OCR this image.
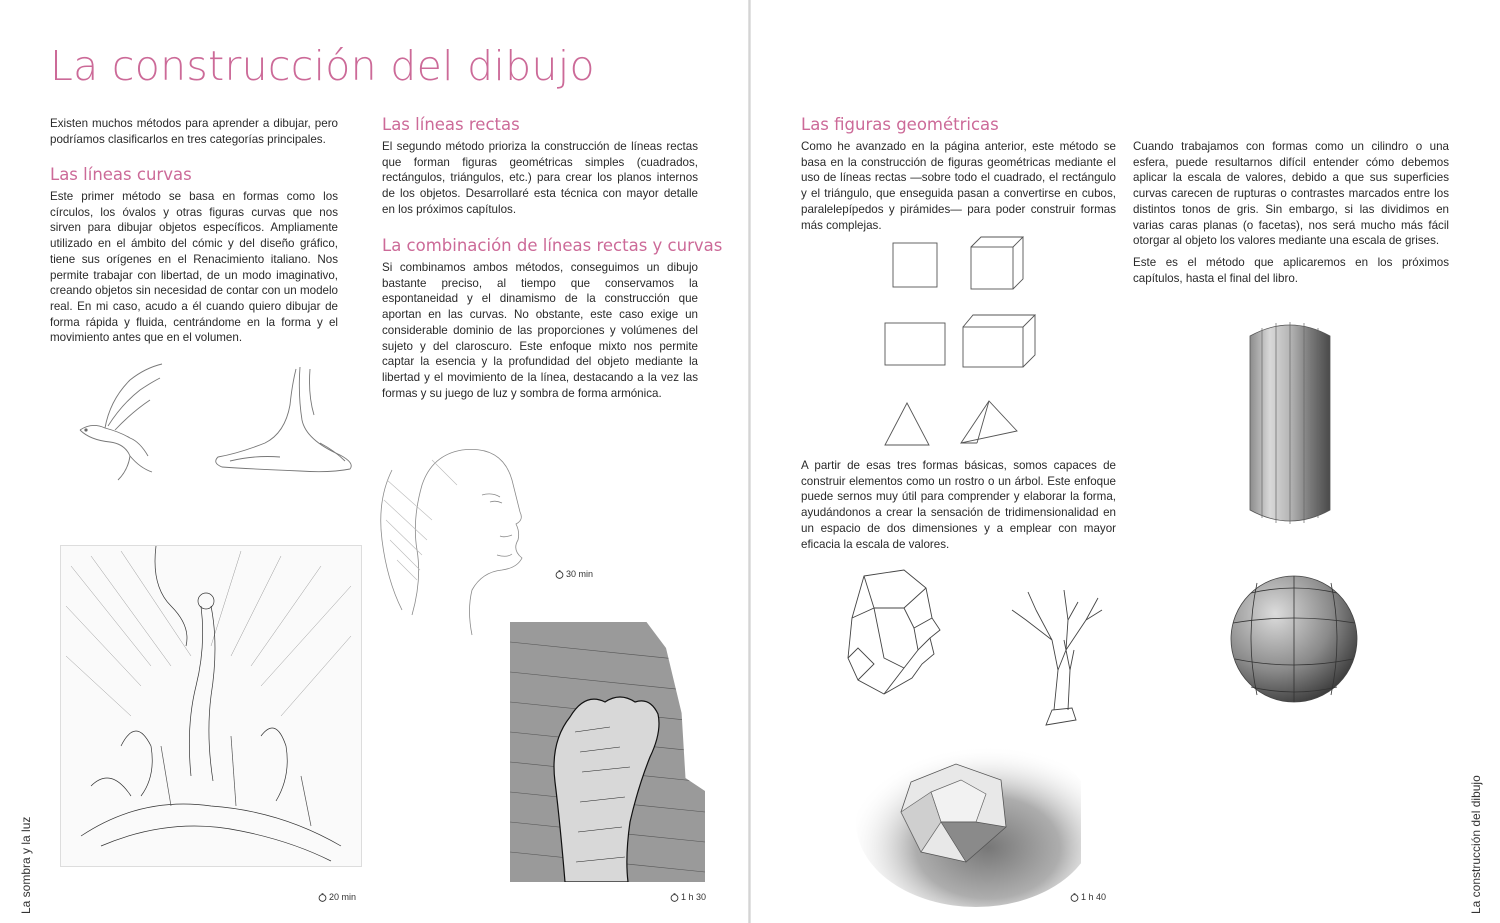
La construcción del dibujo

Existen muchos métodos para aprender a dibujar, pero podríamos clasificarlos en tres categorías principales.

Las líneas curvas

Este primer método se basa en formas como los círculos, los óvalos y otras figuras curvas que nos sirven para dibujar objetos específicos. Ampliamente utilizado en el ámbito del cómic y del diseño gráfico, tiene sus orígenes en el Renacimiento italiano. Nos permite trabajar con libertad, de un modo imaginativo, creando objetos sin necesidad de contar con un modelo real. En mi caso, acudo a él cuando quiero dibujar de forma rápida y fluida, centrándome en la forma y el movimiento antes que en el volumen.

Las líneas rectas

El segundo método prioriza la construcción de líneas rectas que forman figuras geométricas simples (cuadrados, rectángulos, triángulos, etc.) para crear los planos internos de los objetos. Desarrollaré esta técnica con mayor detalle en los próximos capítulos.

La combinación de líneas rectas y curvas

Si combinamos ambos métodos, conseguimos un dibujo bastante preciso, al tiempo que conservamos la espontaneidad y el dinamismo de la construcción que aportan en las curvas. No obstante, este caso exige un considerable dominio de las proporciones y volúmenes del sujeto y del claroscuro. Este enfoque mixto nos permite captar la esencia y la profundidad del objeto mediante la libertad y el movimiento de la línea, destacando a la vez las formas y su juego de luz y sombra de forma armónica.

30 min
20 min	1 h 30
La sombra y la luz
Las figuras geométricas

Como he avanzado en la página anterior, este método se basa en la construcción de figuras geométricas mediante el uso de líneas rectas —sobre todo el cuadrado, el rectángulo y el triángulo, que enseguida pasan a convertirse en cubos, paralelepípedos y pirámides— para poder construir formas más complejas.

A partir de esas tres formas básicas, somos capaces de construir elementos como un rostro o un árbol. Este enfoque puede sernos muy útil para comprender y elaborar la forma, ayudándonos a crear la sensación de tridimensionalidad en un espacio de dos dimensiones y a emplear con mayor eficacia la escala de valores.

1 h 40

Cuando trabajamos con formas como un cilindro o una esfera, puede resultarnos difícil entender cómo debemos aplicar la escala de valores, debido a que sus superficies curvas carecen de rupturas o contrastes marcados entre los distintos tonos de gris. Sin embargo, si las dividimos en varias caras planas (o facetas), nos será mucho más fácil otorgar al objeto los valores mediante una escala de grises.

Este es el método que aplicaremos en los próximos capítulos, hasta el final del libro.

La construcción del dibujo
